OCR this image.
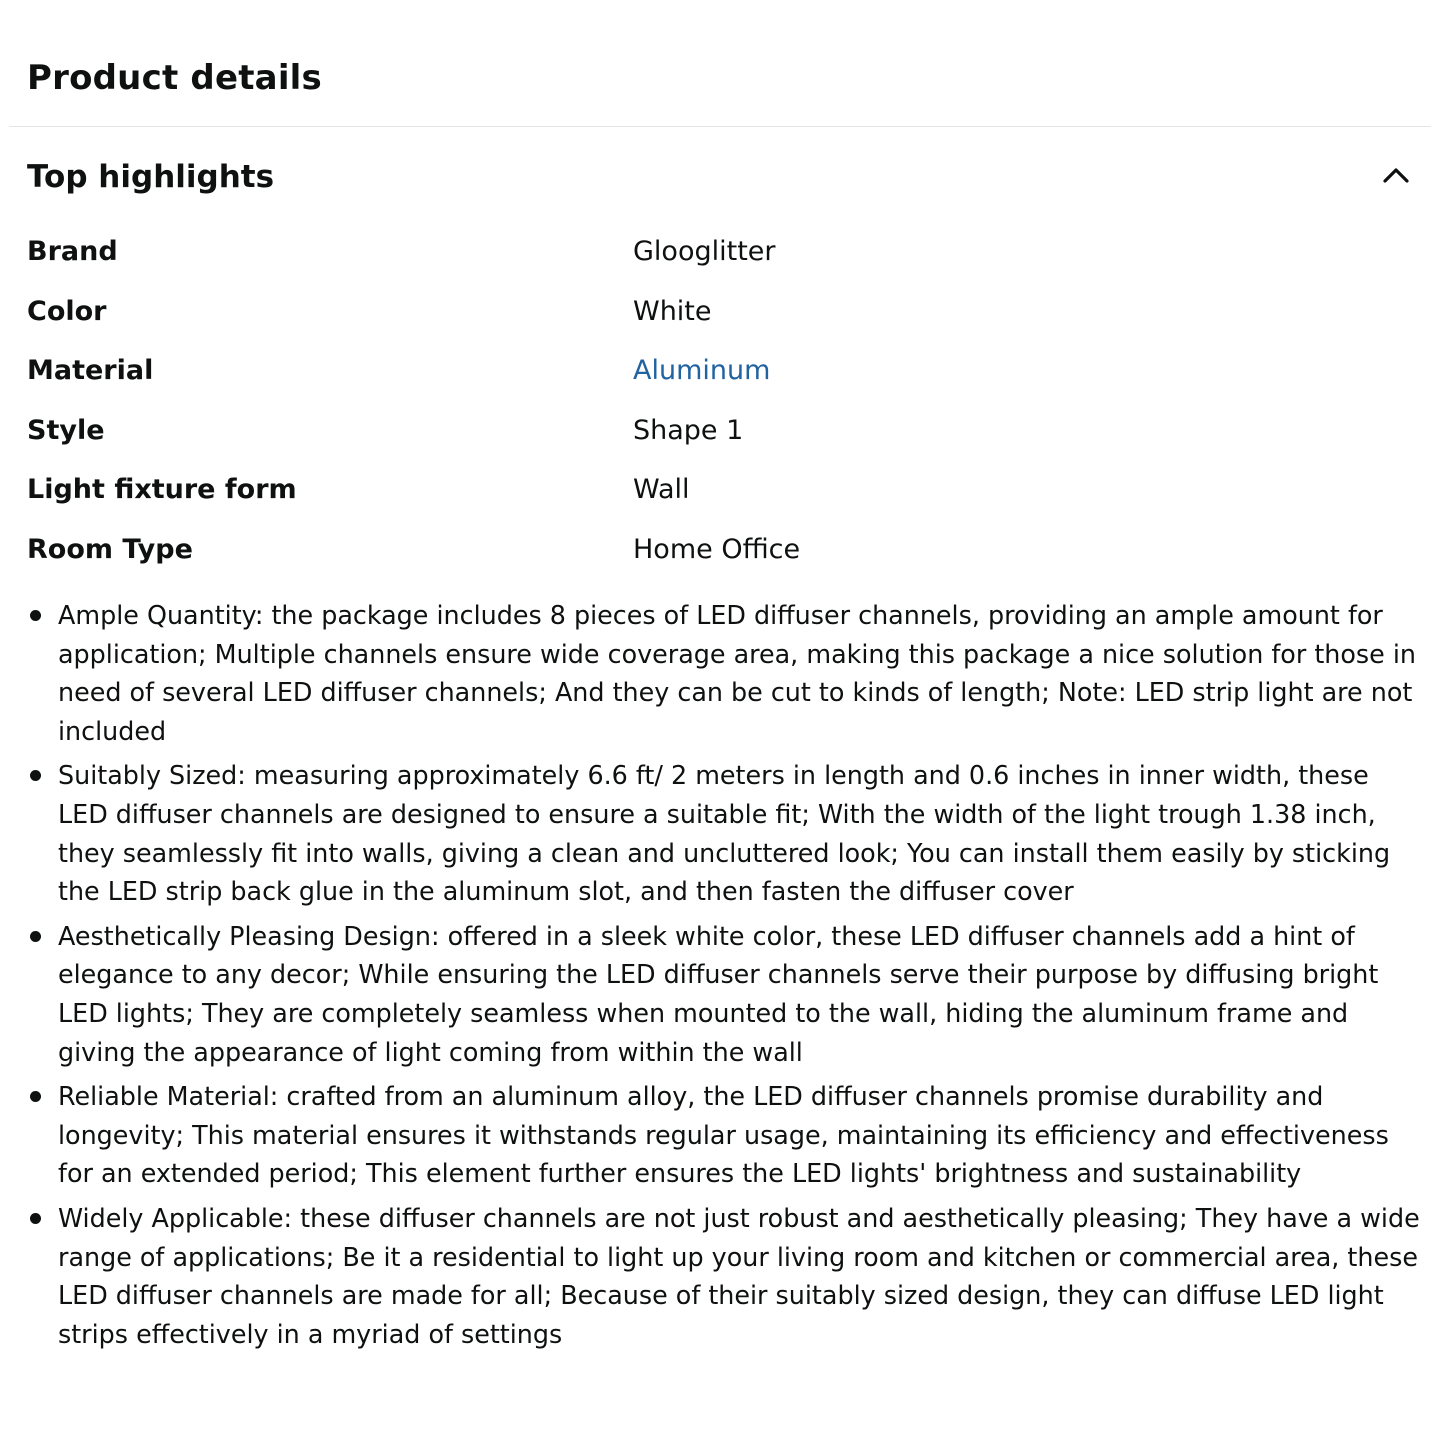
Product details
Top highlights
Brand	Glooglitter
Color	White
Material	Aluminum
Style	Shape 1
Light fixture form	Wall
Room Type	Home Office
Ample Quantity: the package includes 8 pieces of LED diffuser channels, providing an ample amount for application; Multiple channels ensure wide coverage area, making this package a nice solution for those in need of several LED diffuser channels; And they can be cut to kinds of length; Note: LED strip light are not included
Suitably Sized: measuring approximately 6.6 ft/ 2 meters in length and 0.6 inches in inner width, these LED diffuser channels are designed to ensure a suitable fit; With the width of the light trough 1.38 inch, they seamlessly fit into walls, giving a clean and uncluttered look; You can install them easily by sticking the LED strip back glue in the aluminum slot, and then fasten the diffuser cover
Aesthetically Pleasing Design: offered in a sleek white color, these LED diffuser channels add a hint of elegance to any decor; While ensuring the LED diffuser channels serve their purpose by diffusing bright LED lights; They are completely seamless when mounted to the wall, hiding the aluminum frame and giving the appearance of light coming from within the wall
Reliable Material: crafted from an aluminum alloy, the LED diffuser channels promise durability and longevity; This material ensures it withstands regular usage, maintaining its efficiency and effectiveness for an extended period; This element further ensures the LED lights' brightness and sustainability
Widely Applicable: these diffuser channels are not just robust and aesthetically pleasing; They have a wide range of applications; Be it a residential to light up your living room and kitchen or commercial area, these LED diffuser channels are made for all; Because of their suitably sized design, they can diffuse LED light strips effectively in a myriad of settings
